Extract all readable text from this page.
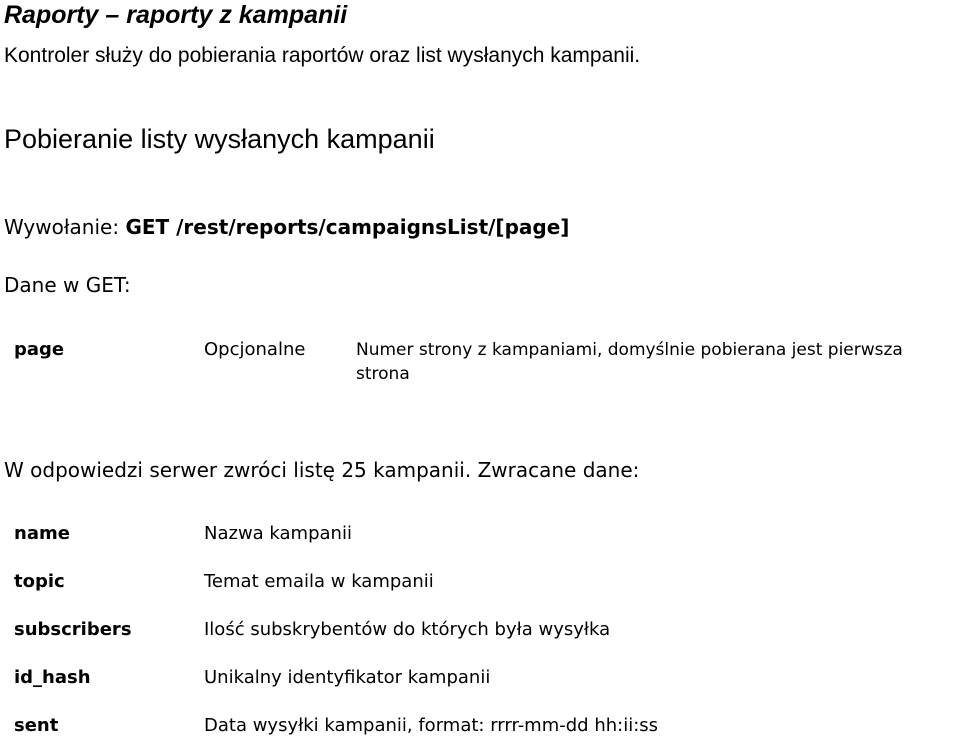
Raporty – raporty z kampanii
Kontroler służy do pobierania raportów oraz list wysłanych kampanii.
Pobieranie listy wysłanych kampanii
Wywołanie: GET /rest/reports/campaignsList/[page]
Dane w GET:
page	Opcjonalne	Numer strony z kampaniami, domyślnie pobierana jest pierwsza strona
W odpowiedzi serwer zwróci listę 25 kampanii. Zwracane dane:
name	Nazwa kampanii
topic	Temat emaila w kampanii
subscribers	Ilość subskrybentów do których była wysyłka
id_hash	Unikalny identyfikator kampanii
sent	Data wysyłki kampanii, format: rrrr-mm-dd hh:ii:ss
